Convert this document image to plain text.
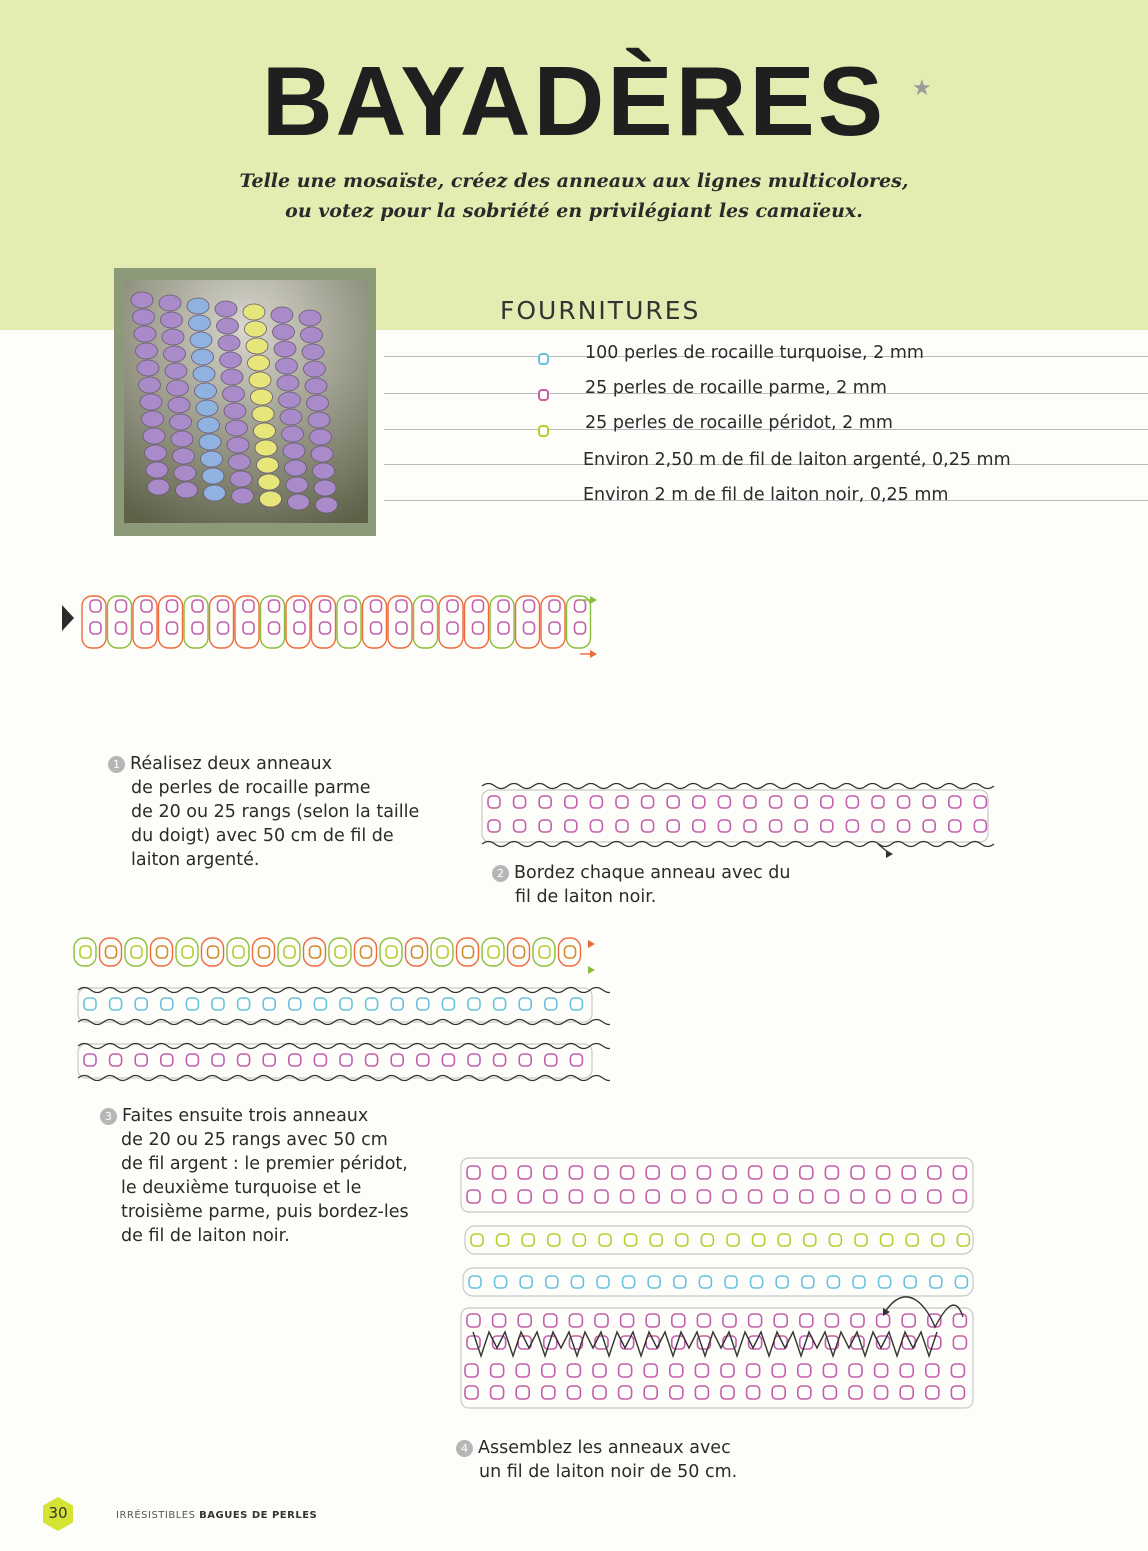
BAYADÈRES	★
Telle une mosaïste, créez des anneaux aux lignes multicolores,
ou votez pour la sobriété en privilégiant les camaïeux.
FOURNITURES
100 perles de rocaille turquoise, 2 mm
25 perles de rocaille parme, 2 mm
25 perles de rocaille péridot, 2 mm
Environ 2,50 m de fil de laiton argenté, 0,25 mm
Environ 2 m de fil de laiton noir, 0,25 mm
1 Réalisez deux anneaux
de perles de rocaille parme
de 20 ou 25 rangs (selon la taille
du doigt) avec 50 cm de fil de
laiton argenté.
2 Bordez chaque anneau avec du
fil de laiton noir.
3 Faites ensuite trois anneaux
de 20 ou 25 rangs avec 50 cm
de fil argent : le premier péridot,
le deuxième turquoise et le
troisième parme, puis bordez-les
de fil de laiton noir.
4 Assemblez les anneaux avec
un fil de laiton noir de 50 cm.
30	IRRÉSISTIBLES BAGUES DE PERLES
